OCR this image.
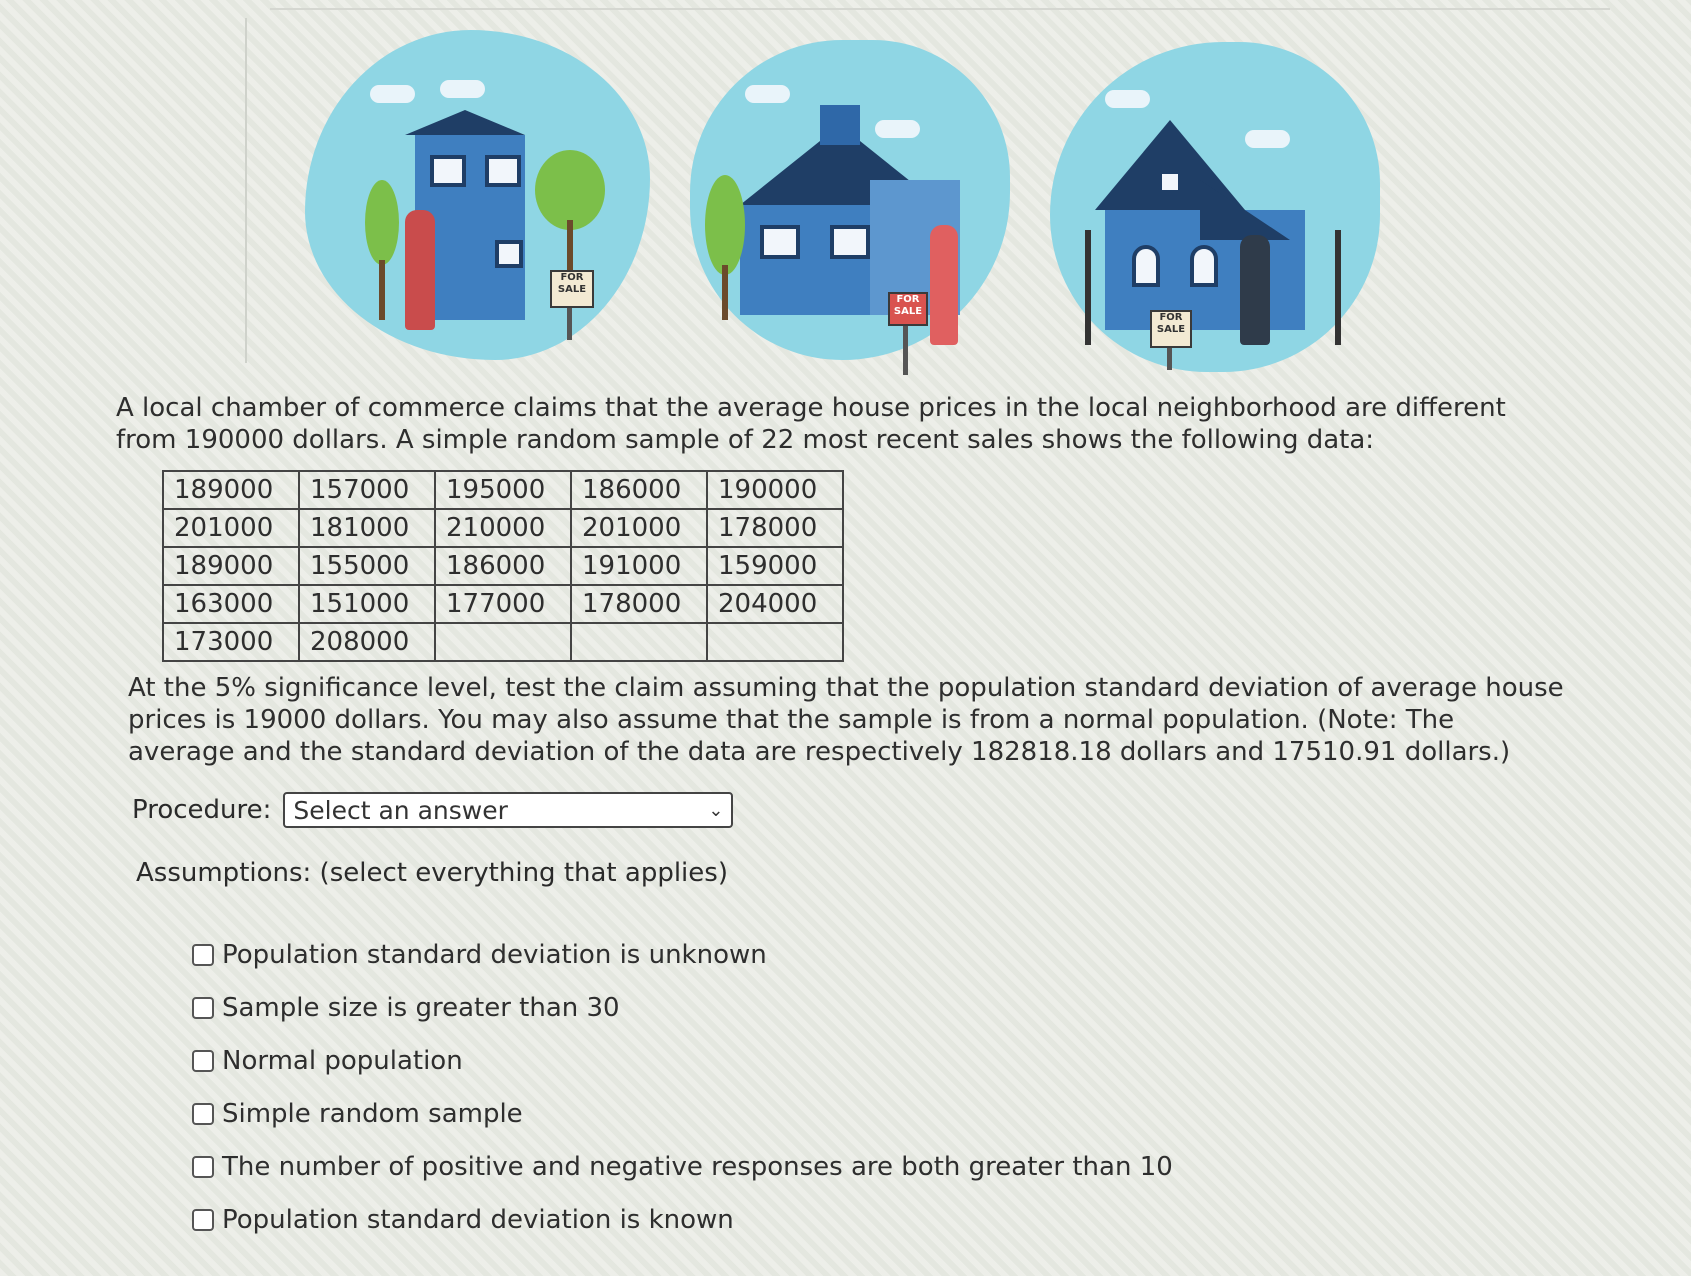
FOR SALE
FOR SALE
FOR SALE
A local chamber of commerce claims that the average house prices in the local neighborhood are different from 190000 dollars. A simple random sample of 22 most recent sales shows the following data:
189000	157000	195000	186000	190000
201000	181000	210000	201000	178000
189000	155000	186000	191000	159000
163000	151000	177000	178000	204000
173000	208000			
At the 5% significance level, test the claim assuming that the population standard deviation of average house prices is 19000 dollars. You may also assume that the sample is from a normal population. (Note: The average and the standard deviation of the data are respectively 182818.18 dollars and 17510.91 dollars.)
Procedure: Select an answer	⌄
Assumptions: (select everything that applies)
Population standard deviation is unknown
Sample size is greater than 30
Normal population
Simple random sample
The number of positive and negative responses are both greater than 10
Population standard deviation is known
